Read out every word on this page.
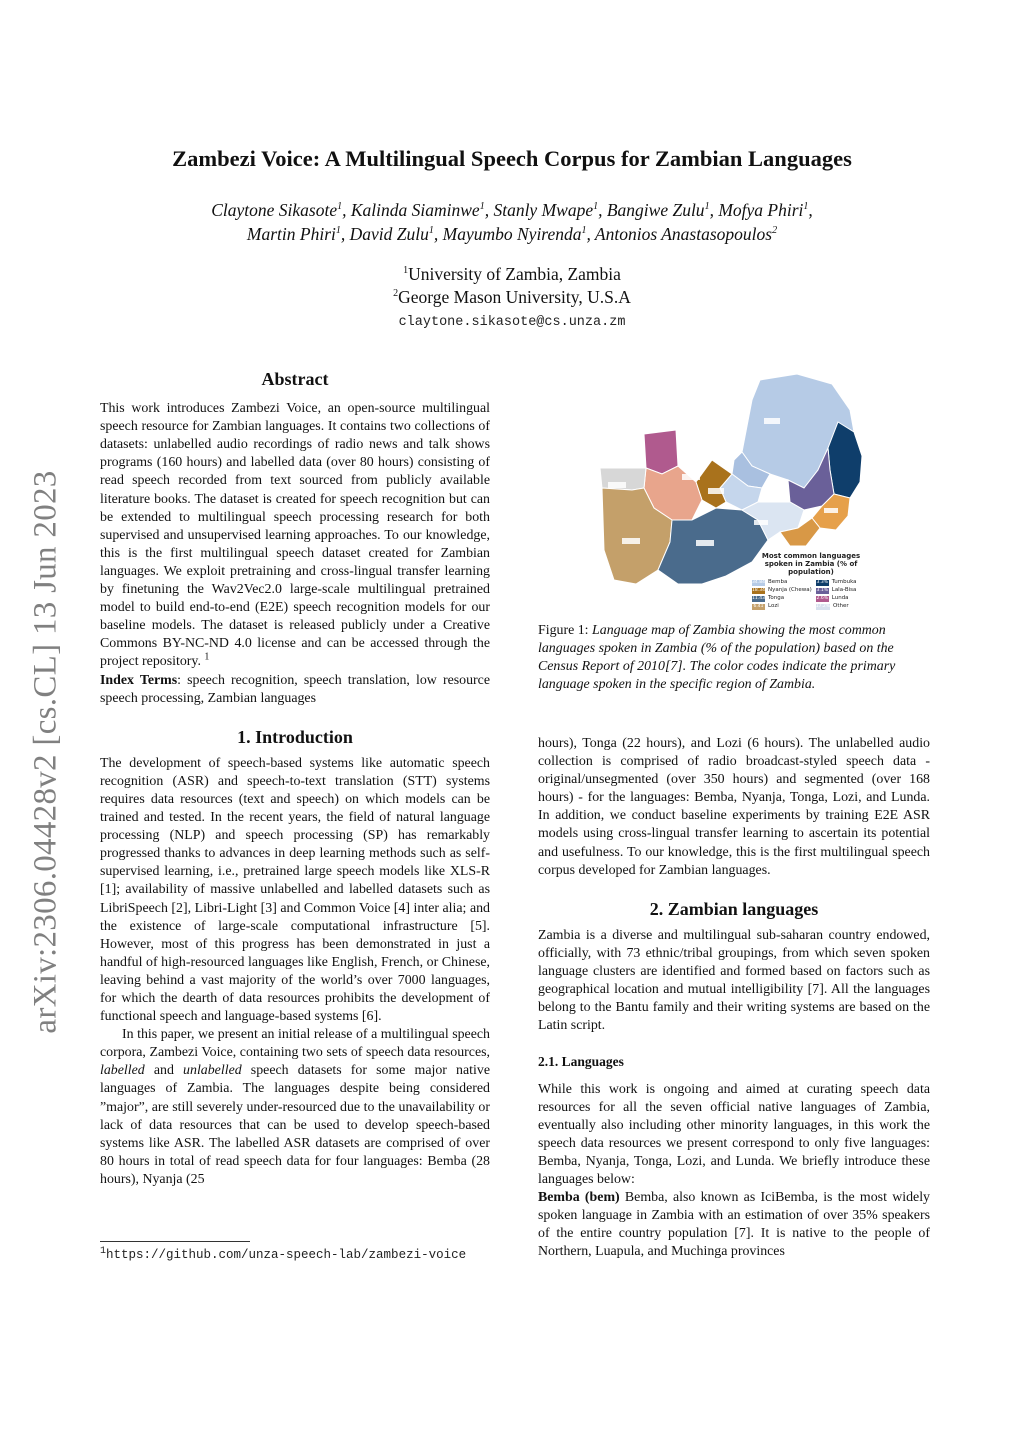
arXiv:2306.04428v2 [cs.CL] 13 Jun 2023
Zambezi Voice: A Multilingual Speech Corpus for Zambian Languages
Claytone Sikasote$^1$, Kalinda Siaminwe$^1$, Stanly Mwape$^1$, Bangiwe Zulu$^1$, Mofya Phiri$^1$,
Martin Phiri$^1$, David Zulu$^1$, Mayumbo Nyirenda$^1$, Antonios Anastasopoulos$^2$
$^1$University of Zambia, Zambia
$^2$George Mason University, U.S.A
claytone.sikasote@cs.unza.zm
Abstract

This work introduces Zambezi Voice, an open-source multilingual speech resource for Zambian languages. It contains two collections of datasets: unlabelled audio recordings of radio news and talk shows programs (160 hours) and labelled data (over 80 hours) consisting of read speech recorded from text sourced from publicly available literature books. The dataset is created for speech recognition but can be extended to multilingual speech processing research for both supervised and unsupervised learning approaches. To our knowledge, this is the first multilingual speech dataset created for Zambian languages. We exploit pretraining and cross-lingual transfer learning by finetuning the Wav2Vec2.0 large-scale multilingual pretrained model to build end-to-end (E2E) speech recognition models for our baseline models. The dataset is released publicly under a Creative Commons BY-NC-ND 4.0 license and can be accessed through the project repository. $^1$

Index Terms: speech recognition, speech translation, low resource speech processing, Zambian languages

1. Introduction

The development of speech-based systems like automatic speech recognition (ASR) and speech-to-text translation (STT) systems requires data resources (text and speech) on which models can be trained and tested. In the recent years, the field of natural language processing (NLP) and speech processing (SP) has remarkably progressed thanks to advances in deep learning methods such as self-supervised learning, i.e., pretrained large speech models like XLS-R [1]; availability of massive unlabelled and labelled datasets such as LibriSpeech [2], Libri-Light [3] and Common Voice [4] inter alia; and the existence of large-scale computational infrastructure [5]. However, most of this progress has been demonstrated in just a handful of high-resourced languages like English, French, or Chinese, leaving behind a vast majority of the world’s over 7000 languages, for which the dearth of data resources prohibits the development of functional speech and language-based systems [6].

In this paper, we present an initial release of a multilingual speech corpora, Zambezi Voice, containing two sets of speech data resources, labelled and unlabelled speech datasets for some major native languages of Zambia. The languages despite being considered ”major”, are still severely under-resourced due to the unavailability or lack of data resources that can be used to develop speech-based systems like ASR. The labelled ASR datasets are comprised of over 80 hours in total of read speech data for four languages: Bemba (28 hours), Nyanja (25

$^1$https://github.com/unza-speech-lab/zambezi-voice
Most common languages spoken in Zambia (% of population)
34.84 Bemba	3.3% Tumbuka
18.34 Nyanja (Chewa) 3.1% Lala-Bisa
11.43 Tonga	2.6% Lunda
6.41 Lozi	17.2% Other
Figure 1: Language map of Zambia showing the most common languages spoken in Zambia (% of the population) based on the Census Report of 2010[7]. The color codes indicate the primary language spoken in the specific region of Zambia.

hours), Tonga (22 hours), and Lozi (6 hours). The unlabelled audio collection is comprised of radio broadcast-styled speech data - original/unsegmented (over 350 hours) and segmented (over 168 hours) - for the languages: Bemba, Nyanja, Tonga, Lozi, and Lunda. In addition, we conduct baseline experiments by training E2E ASR models using cross-lingual transfer learning to ascertain its potential and usefulness. To our knowledge, this is the first multilingual speech corpus developed for Zambian languages.

2. Zambian languages

Zambia is a diverse and multilingual sub-saharan country endowed, officially, with 73 ethnic/tribal groupings, from which seven spoken language clusters are identified and formed based on factors such as geographical location and mutual intelligibility [7]. All the languages belong to the Bantu family and their writing systems are based on the Latin script.

2.1. Languages

While this work is ongoing and aimed at curating speech data resources for all the seven official native languages of Zambia, eventually also including other minority languages, in this work the speech data resources we present correspond to only five languages: Bemba, Nyanja, Tonga, Lozi, and Lunda. We briefly introduce these languages below:

Bemba (bem) Bemba, also known as IciBemba, is the most widely spoken language in Zambia with an estimation of over 35% speakers of the entire country population [7]. It is native to the people of Northern, Luapula, and Muchinga provinces
